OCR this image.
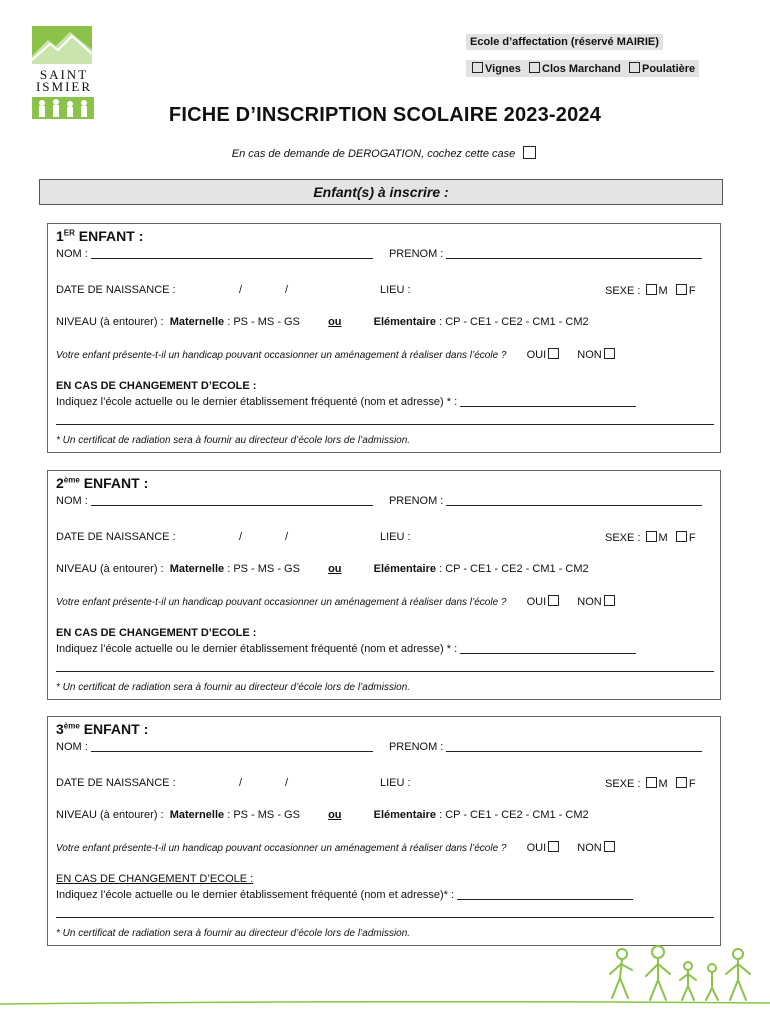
SAINT
ISMIER
Ecole d’affectation (réservé MAIRIE)
Vignes Clos Marchand Poulatière
FICHE D’INSCRIPTION SCOLAIRE 2023-2024
En cas de demande de DEROGATION, cochez cette case
Enfant(s) à inscrire :
1ER ENFANT :
NOM :	PRENOM :
DATE DE NAISSANCE :	/	/	LIEU :	SEXE : M F
NIVEAU (à entourer) : Maternelle : PS - MS - GS	ou	Elémentaire : CP - CE1 - CE2 - CM1 - CM2
Votre enfant présente-t-il un handicap pouvant occasionner un aménagement à réaliser dans l’école ? OUI	NON
EN CAS DE CHANGEMENT D’ECOLE :
Indiquez l’école actuelle ou le dernier établissement fréquenté (nom et adresse) * :
* Un certificat de radiation sera à fournir au directeur d’école lors de l’admission.
2ème ENFANT :
NOM :	PRENOM :
DATE DE NAISSANCE :	/	/	LIEU :	SEXE : M F
NIVEAU (à entourer) : Maternelle : PS - MS - GS	ou	Elémentaire : CP - CE1 - CE2 - CM1 - CM2
Votre enfant présente-t-il un handicap pouvant occasionner un aménagement à réaliser dans l’école ? OUI	NON
EN CAS DE CHANGEMENT D’ECOLE :
Indiquez l’école actuelle ou le dernier établissement fréquenté (nom et adresse) * :
* Un certificat de radiation sera à fournir au directeur d’école lors de l’admission.
3ème ENFANT :
NOM :	PRENOM :
DATE DE NAISSANCE :	/	/	LIEU :	SEXE : M F
NIVEAU (à entourer) : Maternelle : PS - MS - GS	ou	Elémentaire : CP - CE1 - CE2 - CM1 - CM2
Votre enfant présente-t-il un handicap pouvant occasionner un aménagement à réaliser dans l’école ? OUI	NON
EN CAS DE CHANGEMENT D’ECOLE :
Indiquez l’école actuelle ou le dernier établissement fréquenté (nom et adresse)* :
* Un certificat de radiation sera à fournir au directeur d’école lors de l’admission.
